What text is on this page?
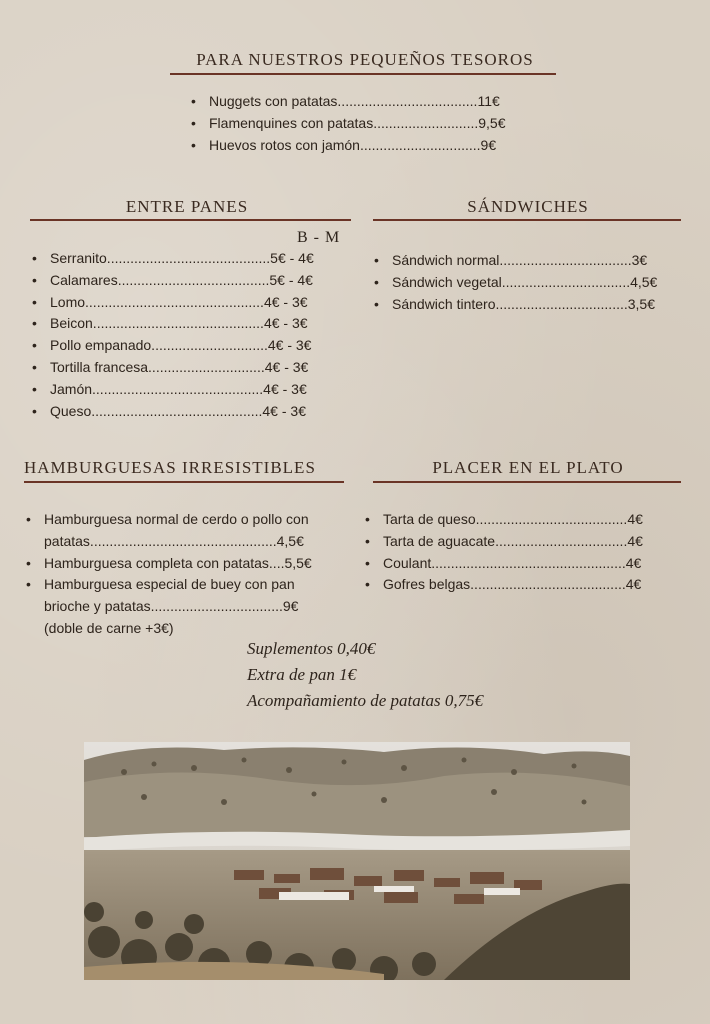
PARA NUESTROS PEQUEÑOS TESOROS
• Nuggets con patatas....................................11€
• Flamenquines con patatas...........................9,5€
• Huevos rotos con jamón...............................9€
ENTRE PANES
B - M
• Serranito..........................................5€ - 4€
• Calamares.......................................5€ - 4€
• Lomo..............................................4€ - 3€
• Beicon............................................4€ - 3€
• Pollo empanado..............................4€ - 3€
• Tortilla francesa..............................4€ - 3€
• Jamón............................................4€ - 3€
• Queso............................................4€ - 3€
SÁNDWICHES
• Sándwich normal..................................3€
• Sándwich vegetal.................................4,5€
• Sándwich tintero..................................3,5€
HAMBURGUESAS IRRESISTIBLES
• Hamburguesa normal de cerdo o pollo con
patatas................................................4,5€
• Hamburguesa completa con patatas....5,5€
• Hamburguesa especial de buey con pan
brioche y patatas..................................9€
(doble de carne +3€)
PLACER EN EL PLATO
• Tarta de queso.......................................4€
• Tarta de aguacate..................................4€
• Coulant..................................................4€
• Gofres belgas........................................4€
Suplementos 0,40€
Extra de pan 1€
Acompañamiento de patatas 0,75€
